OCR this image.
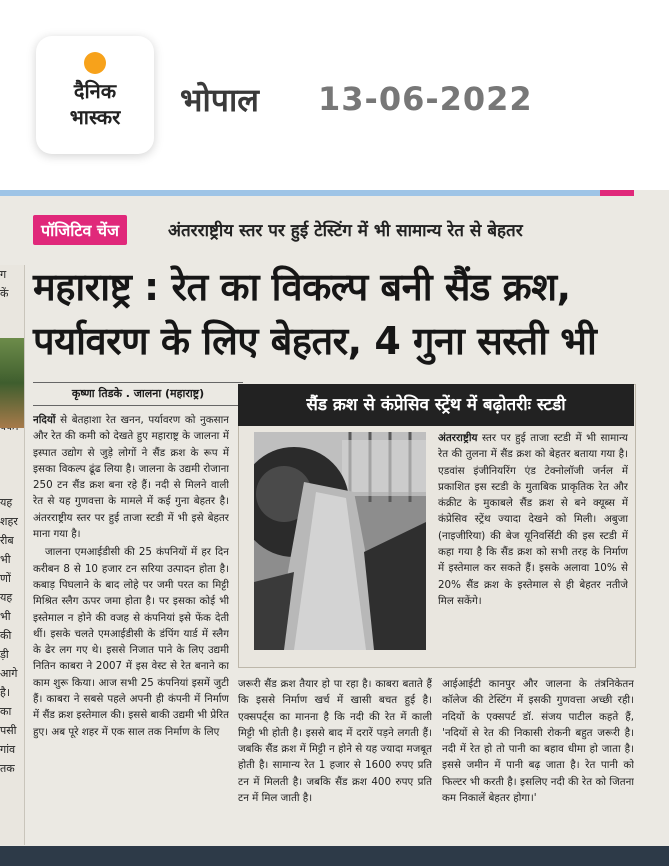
दैनिक
भास्कर	भोपाल 13-06-2022
ग
कें

यह
शहर
रीब
भी
णों
यह
भी
की
ड़ी
आगे
है।
का
पसी
गांव
तक
पॉजिटिव चेंज	अंतरराष्ट्रीय स्तर पर हुई टेस्टिंग में भी सामान्य रेत से बेहतर
महाराष्ट्र : रेत का विकल्प बनी सैंड क्रश, पर्यावरण के लिए बेहतर, 4 गुना सस्ती भी
कृष्णा तिडके . जालना (महाराष्ट्र)

नदियों से बेतहाशा रेत खनन, पर्यावरण को नुकसान और रेत की कमी को देखते हुए महाराष्ट्र के जालना में इस्पात उद्योग से जुड़े लोगों ने सैंड क्रश के रूप में इसका विकल्प ढूंढ लिया है। जालना के उद्यमी रोजाना 250 टन सैंड क्रश बना रहे हैं। नदी से मिलने वाली रेत से यह गुणवत्ता के मामले में कई गुना बेहतर है। अंतरराष्ट्रीय स्तर पर हुई ताजा स्टडी में भी इसे बेहतर माना गया है।

जालना एमआईडीसी की 25 कंपनियों में हर दिन करीबन 8 से 10 हजार टन सरिया उत्पादन होता है। कबाड़ पिघलाने के बाद लोहे पर जमी परत का मिट्टी मिश्रित स्लैग ऊपर जमा होता है। पर इसका कोई भी इस्तेमाल न होने की वजह से कंपनियां इसे फेंक देती थीं। इसके चलते एमआईडीसी के डंपिंग यार्ड में स्लैग के ढेर लग गए थे। इससे निजात पाने के लिए उद्यमी नितिन काबरा ने 2007 में इस वेस्ट से रेत बनाने का काम शुरू किया। आज सभी 25 कंपनियां इसमें जुटी हैं। काबरा ने सबसे पहले अपनी ही कंपनी में निर्माण में सैंड क्रश इस्तेमाल की। इससे बाकी उद्यमी भी प्रेरित हुए। अब पूरे शहर में एक साल तक निर्माण के लिए

सैंड क्रश से कंप्रेसिव स्ट्रेंथ में बढ़ोतरीः स्टडी
अंतरराष्ट्रीय स्तर पर हुई ताजा स्टडी में भी सामान्य रेत की तुलना में सैंड क्रश को बेहतर बताया गया है। एडवांस इंजीनियरिंग एंड टेक्नोलॉजी जर्नल में प्रकाशित इस स्टडी के मुताबिक प्राकृतिक रेत और कंक्रीट के मुकाबले सैंड क्रश से बने क्यूब्स में कंप्रेसिव स्ट्रेंथ ज्यादा देखने को मिली। अबुजा (नाइजीरिया) की बेज यूनिवर्सिटी की इस स्टडी में कहा गया है कि सैंड क्रश को सभी तरह के निर्माण में इस्तेमाल कर सकते हैं। इसके अलावा 10% से 20% सैंड क्रश के इस्तेमाल से ही बेहतर नतीजे मिल सकेंगे।
जरूरी सैंड क्रश तैयार हो पा रहा है। काबरा बताते हैं कि इससे निर्माण खर्च में खासी बचत हुई है। एक्सपर्ट्स का मानना है कि नदी की रेत में काली मिट्टी भी होती है। इससे बाद में दरारें पड़ने लगती हैं। जबकि सैंड क्रश में मिट्टी न होने से यह ज्यादा मजबूत होती है। सामान्य रेत 1 हजार से 1600 रुपए प्रति टन में मिलती है। जबकि सैंड क्रश 400 रुपए प्रति टन में मिल जाती है।
आईआईटी कानपुर और जालना के तंत्रनिकेतन कॉलेज की टेस्टिंग में इसकी गुणवत्ता अच्छी रही। नदियों के एक्सपर्ट डॉ. संजय पाटील कहते हैं, 'नदियों से रेत की निकासी रोकनी बहुत जरूरी है। नदी में रेत हो तो पानी का बहाव धीमा हो जाता है। इससे जमीन में पानी बढ़ जाता है। रेत पानी को फिल्टर भी करती है। इसलिए नदी की रेत को जितना कम निकालें बेहतर होगा।'
